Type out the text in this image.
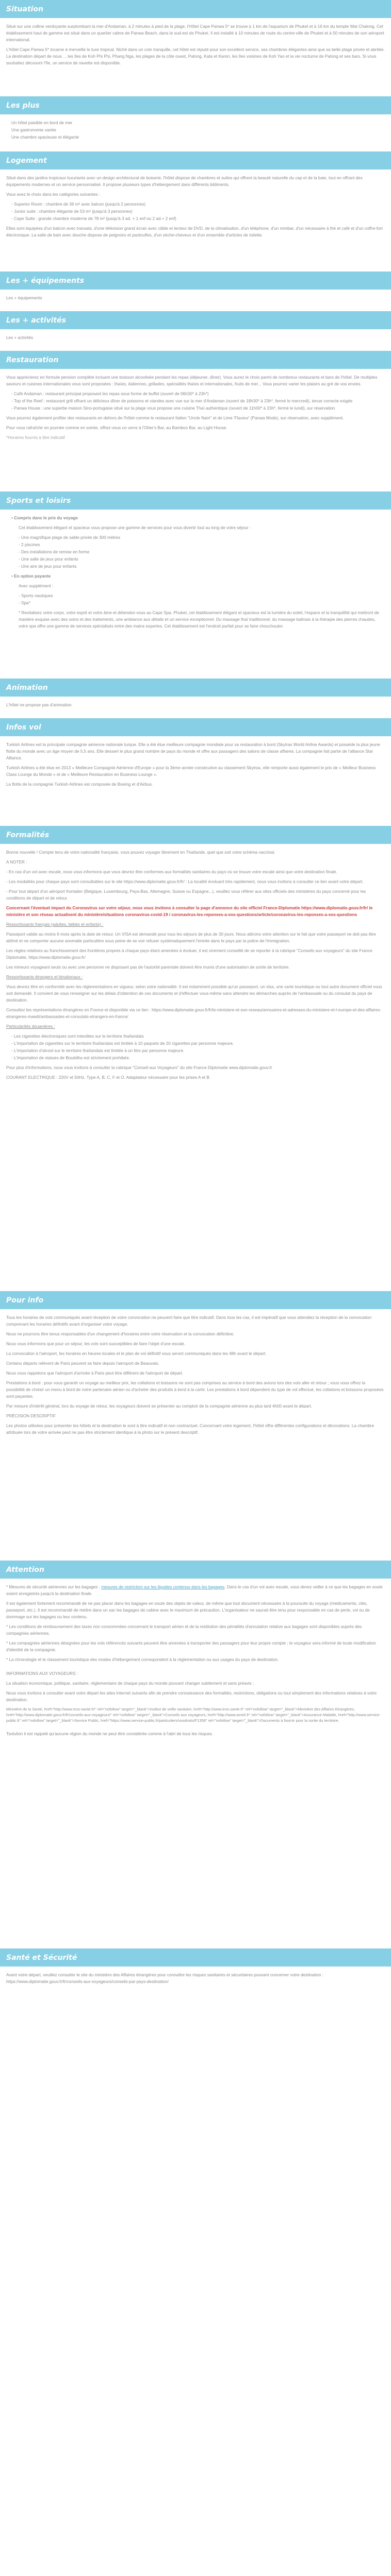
Situation

Situé sur une colline verdoyante surplombant la mer d'Andaman, à 2 minutes à pied de la plage, l'Hôtel Cape Panwa 5* se trouve à 1 km de l'aquarium de Phuket et à 16 km du temple Wat Chalong. Cet établissement haut de gamme est situé dans un quartier calme de Panwa Beach, dans le sud-est de Phuket. Il est installé à 10 minutes de route du centre-ville de Phuket et à 50 minutes de son aéroport international.

L'hôtel Cape Panwa 5* incarne à merveille le luxe tropical. Niché dans un coin tranquille, cet hôtel est réputé pour son excellent service, ses chambres élégantes ainsi que sa belle plage privée et abritée. La destination départ de nous ... les îles de Koh Phi Phi, Phang Nga, les plages de la côte ouest, Patong, Kata et Karon, les îles voisines de Koh Yao et la vie nocturne de Patong et ses bars. Si vous souhaitez découvrir l'île, un service de navette est disponible.

Les plus
Un hôtel paisible en bord de mer
Une gastronomie variée
Une chambre spacieuse et élégante
Logement

Situé dans des jardins tropicaux luxuriants avec un design architectural de boiserie, l'hôtel dispose de chambres et suites qui offrent la beauté naturelle du cap et de la baie, tout en offrant des équipements modernes et un service personnalisé. Il propose plusieurs types d'hébergement dans différents bâtiments.

Vous avez le choix dans les catégories suivantes :

- Superior Room : chambre de 36 m² avec balcon (jusqu'à 2 personnes)
- Junior suite : chambre élégante de 53 m² (jusqu'à 3 personnes)
- Cape Suite : grande chambre moderne de 78 m² (jusqu'à 3 ad. + 1 enf ou 2 ad.+ 2 enf)

Elles sont équipées d'un balcon avec transats, d'une télévision grand écran avec câble et lecteur de DVD, de la climatisation, d'un téléphone, d'un minibar, d'un nécessaire à thé et café et d'un coffre-fort électronique. La salle de bain avec douche dispose de peignoirs et pantoufles, d'un sèche-cheveux et d'un ensemble d'articles de toilette.

Les + équipements

Les + équipements

Les + activités

Les + activités

Restauration

Vous apprécierez en formule pension complète incluant une boisson alcoolisée pendant les repas (déjeuner, dîner). Vous aurez le choix parmi de nombreux restaurants et bars de l'hôtel. De multiples saveurs et cuisines internationales vous sont proposées : thaïes, italiennes, grillades, spécialités thaïes et internationales, fruits de mer... Vous pourrez varier les plaisirs au gré de vos envies.

- Café Andaman : restaurant principal proposant les repas sous forme de buffet (ouvert de 06h30* à 23h*)
- Top of the Reef : restaurant grill offrant un délicieux dîner de poissons et viandes avec vue sur la mer d'Andaman (ouvert de 18h30* à 23h*, fermé le mercredi), tenue correcte exigée
- Panwa House : une superbe maison Sino-portugaise situé sur la plage vous propose une cuisine Thaï authentique (ouvert de 11h00* à 23h*, fermé le lundi), sur réservation

Vous pourrez également profiter des restaurants en dehors de l'hôtel comme le restaurant Italien "Uncle Nam" et de Lime 'Flaveur' (Panwa Mode), sur réservation, avec supplément.

Pour vous rafraîchir en journée comme en soirée, offrez-vous un verre à l'Otter's Bar, au Bamboo Bar, au Light House.

*Horaires fournis à titre indicatif

Sports et loisirs
• Compris dans le prix du voyage

Cet établissement élégant et spacieux vous propose une gamme de services pour vous divertir tout au long de votre séjour :

- Une magnifique plage de sable privée de 300 mètres
- 2 piscines
- Des installations de remise en forme
- Une salle de jeux pour enfants
- Une aire de jeux pour enfants
• En option payante

Avec supplément :

- Sports nautiques
- Spa*

* Revitalisez votre corps, votre esprit et votre âme et détendez-vous au Cape Spa. Phuket, cet établissement élégant et spacieux est la lumière du soleil, l'espace et la tranquillité qui mettront de manière exquise avec des soins et des traitements, une ambiance aux détails et un service exceptionnel. Du massage thaï traditionnel, du massage balinais à la thérapie des pierres chaudes, votre spa offre une gamme de services spécialisés entre des mains expertes. Cet établissement est l'endroit parfait pour se faire chouchouter.

Animation

L'hôtel ne propose pas d'animation.

Infos vol

Turkish Airlines est la principale compagnie aérienne nationale turque. Elle a été élue meilleure compagnie mondiale pour sa restauration à bord (Skytrax World Airline Awards) et possède la plus jeune flotte du monde avec un âge moyen de 5,5 ans. Elle dessert le plus grand nombre de pays du monde et offre aux passagers des salons de classe affaires. La compagnie fait partie de l'alliance Star Alliance.

Turkish Airlines a été élue en 2013 « Meilleure Compagnie Aérienne d'Europe » pour la 3ème année consécutive au classement Skytrax, elle remporte aussi également le prix de « Meilleur Business Class Lounge du Monde » et de « Meilleure Restauration en Business Lounge ».

La flotte de la compagnie Turkish Airlines est composée de Boeing et d'Airbus.

Formalités

Bonne nouvelle ! Compte tenu de votre nationalité française, vous pouvez voyager librement en Thaïlande, quel que soit votre schéma vaccinal.

A NOTER :

- En cas d'un vol avec escale, nous vous informons que vous devrez être conformes aux formalités sanitaires du pays où se trouve votre escale ainsi que votre destination finale.

- Les modalités pour chaque pays sont consultables sur le site https://www.diplomatie.gouv.fr/fr/ : La localité évoluant très rapidement, nous vous invitons à consulter ce lien avant votre départ.

- Pour tout départ d'un aéroport frontalier (Belgique, Luxembourg, Pays-Bas, Allemagne, Suisse ou Espagne...), veuillez vous référer aux sites officiels des ministères du pays concerné pour les conditions de départ et de retour.

Concernant l'éventuel impact du Coronavirus sur votre séjour, nous vous invitons à consulter la page d'annonce du site officiel France-Diplomatie https://www.diplomatie.gouv.fr/fr/ le ministère et son réseau actualisent du ministère/situations coronavirus-covid-19 / coronavirus-les-reponses-a-vos-questions/article/coronavirus-les-reponses-a-vos-questions

Ressortissants français (adultes, bébés et enfants) :

Passeport valide au moins 6 mois après la date de retour. Un VISA est demandé pour tous les séjours de plus de 30 jours. Nous attirons votre attention sur le fait que votre passeport ne doit pas être abîmé et ne comporter aucune anomalie particulière sous peine de se voir refuser systématiquement l'entrée dans le pays par la police de l'immigration.

Les règles relatives au franchissement des frontières propres à chaque pays étant amenées à évoluer, il est vivement conseillé de se reporter à la rubrique "Conseils aux voyageurs" du site France Diplomatie, https://www.diplomatie.gouv.fr/

Les mineurs voyageant seuls ou avec une personne ne disposant pas de l'autorité parentale doivent être munis d'une autorisation de sortie de territoire.

Ressortissants étrangers et binationaux :

Vous devrez être en conformité avec les réglementations en vigueur, selon votre nationalité. Il est notamment possible qu'un passeport, un visa, une carte touristique ou tout autre document officiel vous soit demandé. Il convient de vous renseigner sur les délais d'obtention de ces documents et d'effectuer vous-même sans attendre les démarches auprès de l'ambassade ou du consulat du pays de destination.

Consultez les représentations étrangères en France et disponible via ce lien : https://www.diplomatie.gouv.fr/fr/le-ministere-et-son-reseau/annuaires-et-adresses-du-ministere-et-l-europe-et-des-affaires-etrangeres-maedi/ambassades-et-consulats-etrangers-en-france/

Particularités douanières :

- Les cigarettes électroniques sont interdites sur le territoire thaïlandais
- L'importation de cigarettes sur le territoire thaïlandais est limitée à 10 paquets de 20 cigarettes par personne majeure.
- L'importation d'alcool sur le territoire thaïlandais est limitée à un litre par personne majeure.
- L'importation de statues de Bouddha est strictement prohibée.

Pour plus d'informations, nous vous invitons à consulter la rubrique "Conseil aux Voyageurs" du site France Diplomatie www.diplomatie.gouv.fr

COURANT ELECTRIQUE : 220V et 50Hz. Type A, B, C, F et O. Adaptateur nécessaire pour les prises A et B.

Pour info

Tous les horaires de vols communiqués avant réception de votre convocation ne peuvent faire que titre indicatif. Dans tous les cas, il est impératif que vous attendiez la réception de la convocation comprenant les horaires définitifs avant d'organiser votre voyage.

Nous ne pourrons être tenus responsables d'un changement d'horaires entre votre réservation et la convocation définitive.

Nous vous informons que pour un séjour, les vols sont susceptibles de faire l'objet d'une escale.

La convocation à l'aéroport, les horaires en heures locales et le plan de vol définitif vous seront communiqués dans les 48h avant le départ.

Certains départs relèvent de Paris peuvent se faire depuis l'aéroport de Beauvais.

Nous vous rappelons que l'aéroport d'arrivée à Paris peut être différent de l'aéroport de départ.

Prestations à bord : pour vous garantir un voyage au meilleur prix, les collations et boissons ne sont pas comprises au service à bord des avions lors des vols aller et retour ; vous vous offrez la possibilité de choisir un menu à bord de notre partenaire aérien ou d'acheter des produits à bord à la carte. Les prestations à bord dépendent du type de vol effectué, les collations et boissons proposées sont payantes.

Par mesure d'intérêt général, lors du voyage de retour, les voyageurs doivent se présenter au comptoir de la compagnie aérienne au plus tard 4h00 avant le départ.

PRÉCISION DESCRIPTIF

Les photos utilisées pour présenter les hôtels et la destination le sont à titre indicatif et non contractuel. Concernant votre logement, l'hôtel offre différentes configurations et décorations. La chambre attribuée lors de votre arrivée peut ne pas être strictement identique à la photo sur le présent descriptif.

Attention

* Mesures de sécurité aériennes sur les bagages : mesures de restriction sur les liquides contenus dans les bagages. Dans le cas d'un vol avec escale, vous devez veiller à ce que les bagages en soute soient enregistrés jusqu'à la destination finale.

Il est également fortement recommandé de ne pas placer dans les bagages en soute des objets de valeur, de même que tout document nécessaire à la poursuite du voyage (médicaments, clés, passeport, etc.). Il est recommandé de mettre dans un sac les bagages de cabine avec le maximum de précaution. L'organisateur ne saurait être tenu pour responsable en cas de perte, vol ou de dommage sur les bagages ou leur contenu.

* Les conditions de remboursement des taxes non consommées concernant le transport aérien et de la restitution des pénalités d'annulation relative aux bagages sont disponibles auprès des compagnies aériennes.

* Les compagnies aériennes désignées pour les vols référencés suivants peuvent être amenées à transporter des passagers pour leur propre compte ; le voyageur sera informé de toute modification d'identité de la compagnie.

* La chronologie et le classement touristique des modes d'hébergement correspondent à la réglementation ou aux usages du pays de destination.

INFORMATIONS AUX VOYAGEURS :

La situation économique, politique, sanitaire, réglementaire de chaque pays du monde pouvant changer subitement et sans préavis :

Nous vous invitons à consulter avant votre départ les sites Internet suivants afin de prendre connaissance des formalités, restrictions, obligations ou tout simplement des informations relatives à votre destination.

Ministère de la Santé, href="http://www.mss-sante.fr/" rel="nofollow" target="_blank">Institut de veille sanitaire, href="http://www.invs.sante.fr" rel="nofollow" target="_blank">Ministère des Affaires Etrangères, href="http://www.diplomatie.gouv.fr/fr/conseils-aux-voyageurs/" rel="nofollow" target="_blank">Conseils aux voyageurs, href="http://www.ameli.fr" rel="nofollow" target="_blank">Assurance Maladie, href="http://www.service-public.fr" rel="nofollow" target="_blank">Service Public, href="https://www.service-public.fr/particuliers/vosdroits/F1358" rel="nofollow" target="_blank">Documents à fournir pour la sortie du territoire.

Tsolution il est rappelé qu'aucune région du monde ne peut être considérée comme à l'abri de tous les risques.

Santé et Sécurité

Avant votre départ, veuillez consulter le site du ministère des Affaires étrangères pour connaître les risques sanitaires et sécuritaires pouvant concerner votre destination : https://www.diplomatie.gouv.fr/fr/conseils-aux-voyageurs/conseils-par-pays-destination/
